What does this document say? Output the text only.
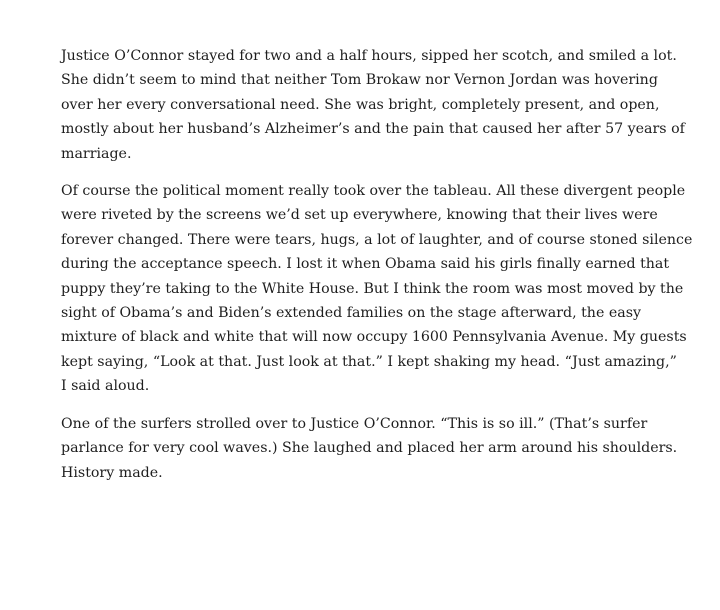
Justice O’Connor stayed for two and a half hours, sipped her scotch, and smiled a lot.
She didn’t seem to mind that neither Tom Brokaw nor Vernon Jordan was hovering
over her every conversational need. She was bright, completely present, and open,
mostly about her husband’s Alzheimer’s and the pain that caused her after 57 years of
marriage.

Of course the political moment really took over the tableau. All these divergent people
were riveted by the screens we’d set up everywhere, knowing that their lives were
forever changed. There were tears, hugs, a lot of laughter, and of course stoned silence
during the acceptance speech. I lost it when Obama said his girls finally earned that
puppy they’re taking to the White House. But I think the room was most moved by the
sight of Obama’s and Biden’s extended families on the stage afterward, the easy
mixture of black and white that will now occupy 1600 Pennsylvania Avenue. My guests
kept saying, “Look at that. Just look at that.” I kept shaking my head. “Just amazing,”
I said aloud.

One of the surfers strolled over to Justice O’Connor. “This is so ill.” (That’s surfer
parlance for very cool waves.) She laughed and placed her arm around his shoulders.
History made.
